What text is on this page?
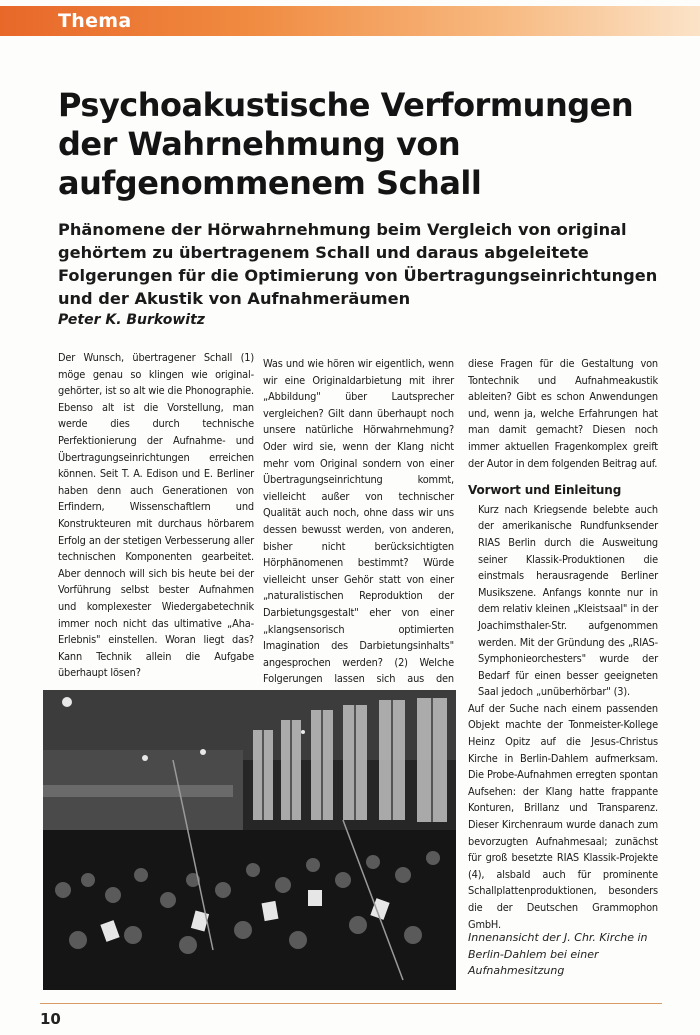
Thema
Psychoakustische Verformungen
der Wahrnehmung von
aufgenommenem Schall

Phänomene der Hörwahrnehmung beim Vergleich von original gehörtem zu übertragenem Schall und daraus abgeleitete Folgerungen für die Optimierung von Übertragungseinrichtungen und der Akustik von Aufnahmeräumen

Peter K. Burkowitz

Der Wunsch, übertragener Schall (1) möge genau so klingen wie original-gehörter, ist so alt wie die Phonographie. Ebenso alt ist die Vorstellung, man werde dies durch technische Perfektionierung der Aufnahme- und Übertragungseinrichtungen erreichen können. Seit T. A. Edison und E. Berliner haben denn auch Generationen von Erfindern, Wissenschaftlern und Konstrukteuren mit durchaus hörbarem Erfolg an der stetigen Verbesserung aller technischen Komponenten gearbeitet. Aber dennoch will sich bis heute bei der Vorführung selbst bester Aufnahmen und komplexester Wiedergabetechnik immer noch nicht das ultimative „Aha-Erlebnis" einstellen. Woran liegt das? Kann Technik allein die Aufgabe überhaupt lösen?

Was und wie hören wir eigentlich, wenn wir eine Originaldarbietung mit ihrer „Abbildung" über Lautsprecher vergleichen? Gilt dann überhaupt noch unsere natürliche Hörwahrnehmung? Oder wird sie, wenn der Klang nicht mehr vom Original sondern von einer Übertragungseinrichtung kommt, vielleicht außer von technischer Qualität auch noch, ohne dass wir uns dessen bewusst werden, von anderen, bisher nicht berücksichtigten Hörphänomenen bestimmt? Würde vielleicht unser Gehör statt von einer „naturalistischen Reproduktion der Darbietungsgestalt" eher von einer „klangsensorisch optimierten Imagination des Darbietungsinhalts" angesprochen werden? (2) Welche Folgerungen lassen sich aus den

diese Fragen für die Gestaltung von Tontechnik und Aufnahmeakustik ableiten? Gibt es schon Anwendungen und, wenn ja, welche Erfahrungen hat man damit gemacht? Diesen noch immer aktuellen Fragenkomplex greift der Autor in dem folgenden Beitrag auf.

Vorwort und Einleitung

Kurz nach Kriegsende belebte auch der amerikanische Rundfunksender RIAS Berlin durch die Ausweitung seiner Klassik-Produktionen die einstmals herausragende Berliner Musikszene. Anfangs konnte nur in dem relativ kleinen „Kleistsaal" in der Joachimsthaler-Str. aufgenommen werden. Mit der Gründung des „RIAS-Symphonieorchesters" wurde der Bedarf für einen besser geeigneten Saal jedoch „unüberhörbar" (3).

Auf der Suche nach einem passenden Objekt machte der Tonmeister-Kollege Heinz Opitz auf die Jesus-Christus Kirche in Berlin-Dahlem aufmerksam. Die Probe-Aufnahmen erregten spontan Aufsehen: der Klang hatte frappante Konturen, Brillanz und Transparenz. Dieser Kirchenraum wurde danach zum bevorzugten Aufnahmesaal; zunächst für groß besetzte RIAS Klassik-Projekte (4), alsbald auch für prominente Schallplattenproduktionen, besonders die der Deutschen Grammophon GmbH.

Innenansicht der J. Chr. Kirche in Berlin-Dahlem bei einer Aufnahmesitzung
10
